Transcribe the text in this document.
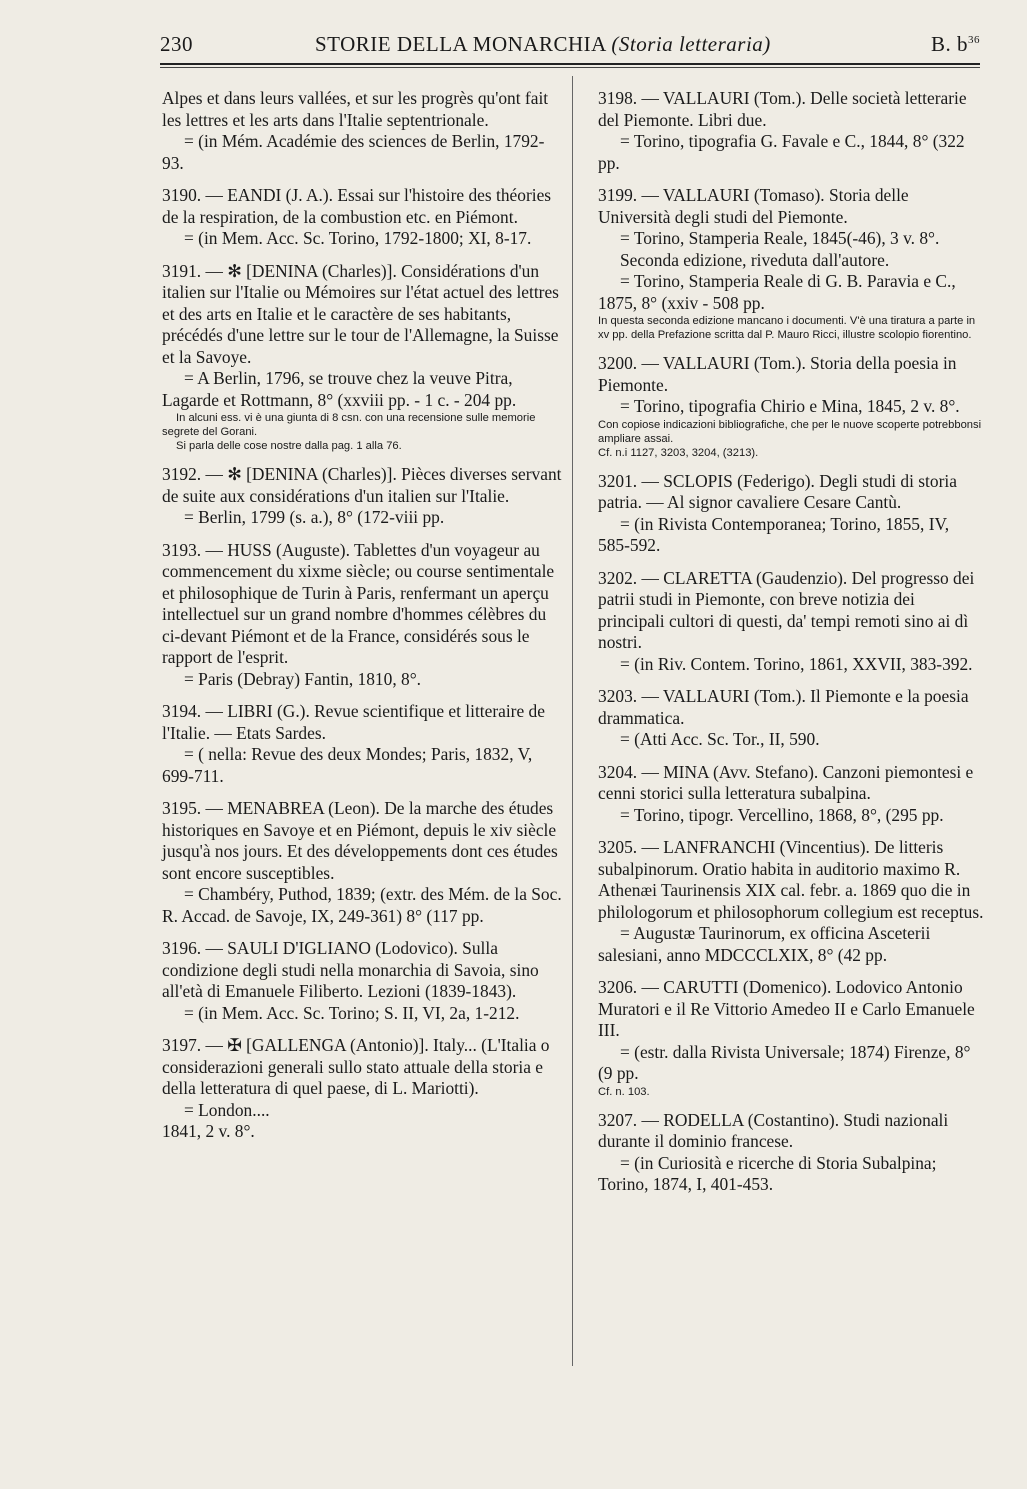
230	STORIE DELLA MONARCHIA (Storia letteraria)	B. $b^{36}$

Alpes et dans leurs vallées, et sur les progrès qu'ont fait les lettres et les arts dans l'Italie septentrionale.

= (in Mém. Académie des sciences de Berlin, 1792-93.

3190. — EANDI (J. A.). Essai sur l'histoire des théories de la respiration, de la combustion etc. en Piémont.

= (in Mem. Acc. Sc. Torino, 1792-1800; XI, 8-17.

3191. — ✻ [DENINA (Charles)]. Considérations d'un italien sur l'Italie ou Mémoires sur l'état actuel des lettres et des arts en Italie et le caractère de ses habitants, précédés d'une lettre sur le tour de l'Allemagne, la Suisse et la Savoye.

= A Berlin, 1796, se trouve chez la veuve Pitra, Lagarde et Rottmann, 8° (xxviii pp. - 1 c. - 204 pp.

In alcuni ess. vi è una giunta di 8 csn. con una recensione sulle memorie segrete del Gorani.

Si parla delle cose nostre dalla pag. 1 alla 76.

3192. — ✻ [DENINA (Charles)]. Pièces diverses servant de suite aux considérations d'un italien sur l'Italie.

= Berlin, 1799 (s. a.), 8° (172-viii pp.

3193. — HUSS (Auguste). Tablettes d'un voyageur au commencement du xixme siècle; ou course sentimentale et philosophique de Turin à Paris, renfermant un aperçu intellectuel sur un grand nombre d'hommes célèbres du ci-devant Piémont et de la France, considérés sous le rapport de l'esprit.

= Paris (Debray) Fantin, 1810, 8°.

3194. — LIBRI (G.). Revue scientifique et litteraire de l'Italie. — Etats Sardes.

= ( nella: Revue des deux Mondes; Paris, 1832, V, 699-711.

3195. — MENABREA (Leon). De la marche des études historiques en Savoye et en Piémont, depuis le xiv siècle jusqu'à nos jours. Et des développements dont ces études sont encore susceptibles.

= Chambéry, Puthod, 1839; (extr. des Mém. de la Soc. R. Accad. de Savoje, IX, 249-361) 8° (117 pp.

3196. — SAULI D'IGLIANO (Lodovico). Sulla condizione degli studi nella monarchia di Savoia, sino all'età di Emanuele Filiberto. Lezioni (1839-1843).

= (in Mem. Acc. Sc. Torino; S. II, VI, 2a, 1-212.

3197. — ✠ [GALLENGA (Antonio)]. Italy... (L'Italia o considerazioni generali sullo stato attuale della storia e della letteratura di quel paese, di L. Mariotti).

= London....

1841, 2 v. 8°.

3198. — VALLAURI (Tom.). Delle società letterarie del Piemonte. Libri due.

= Torino, tipografia G. Favale e C., 1844, 8° (322 pp.

3199. — VALLAURI (Tomaso). Storia delle Università degli studi del Piemonte.

= Torino, Stamperia Reale, 1845(-46), 3 v. 8°.

Seconda edizione, riveduta dall'autore.

= Torino, Stamperia Reale di G. B. Paravia e C., 1875, 8° (xxiv - 508 pp.

In questa seconda edizione mancano i documenti. V'è una tiratura a parte in xv pp. della Prefazione scritta dal P. Mauro Ricci, illustre scolopio fiorentino.

3200. — VALLAURI (Tom.). Storia della poesia in Piemonte.

= Torino, tipografia Chirio e Mina, 1845, 2 v. 8°.

Con copiose indicazioni bibliografiche, che per le nuove scoperte potrebbonsi ampliare assai.

Cf. n.i 1127, 3203, 3204, (3213).

3201. — SCLOPIS (Federigo). Degli studi di storia patria. — Al signor cavaliere Cesare Cantù.

= (in Rivista Contemporanea; Torino, 1855, IV, 585-592.

3202. — CLARETTA (Gaudenzio). Del progresso dei patrii studi in Piemonte, con breve notizia dei principali cultori di questi, da' tempi remoti sino ai dì nostri.

= (in Riv. Contem. Torino, 1861, XXVII, 383-392.

3203. — VALLAURI (Tom.). Il Piemonte e la poesia drammatica.

= (Atti Acc. Sc. Tor., II, 590.

3204. — MINA (Avv. Stefano). Canzoni piemontesi e cenni storici sulla letteratura subalpina.

= Torino, tipogr. Vercellino, 1868, 8°, (295 pp.

3205. — LANFRANCHI (Vincentius). De litteris subalpinorum. Oratio habita in auditorio maximo R. Athenæi Taurinensis XIX cal. febr. a. 1869 quo die in philologorum et philosophorum collegium est receptus.

= Augustæ Taurinorum, ex officina Asceterii salesiani, anno MDCCCLXIX, 8° (42 pp.

3206. — CARUTTI (Domenico). Lodovico Antonio Muratori e il Re Vittorio Amedeo II e Carlo Emanuele III.

= (estr. dalla Rivista Universale; 1874) Firenze, 8° (9 pp.

Cf. n. 103.

3207. — RODELLA (Costantino). Studi nazionali durante il dominio francese.

= (in Curiosità e ricerche di Storia Subalpina; Torino, 1874, I, 401-453.
